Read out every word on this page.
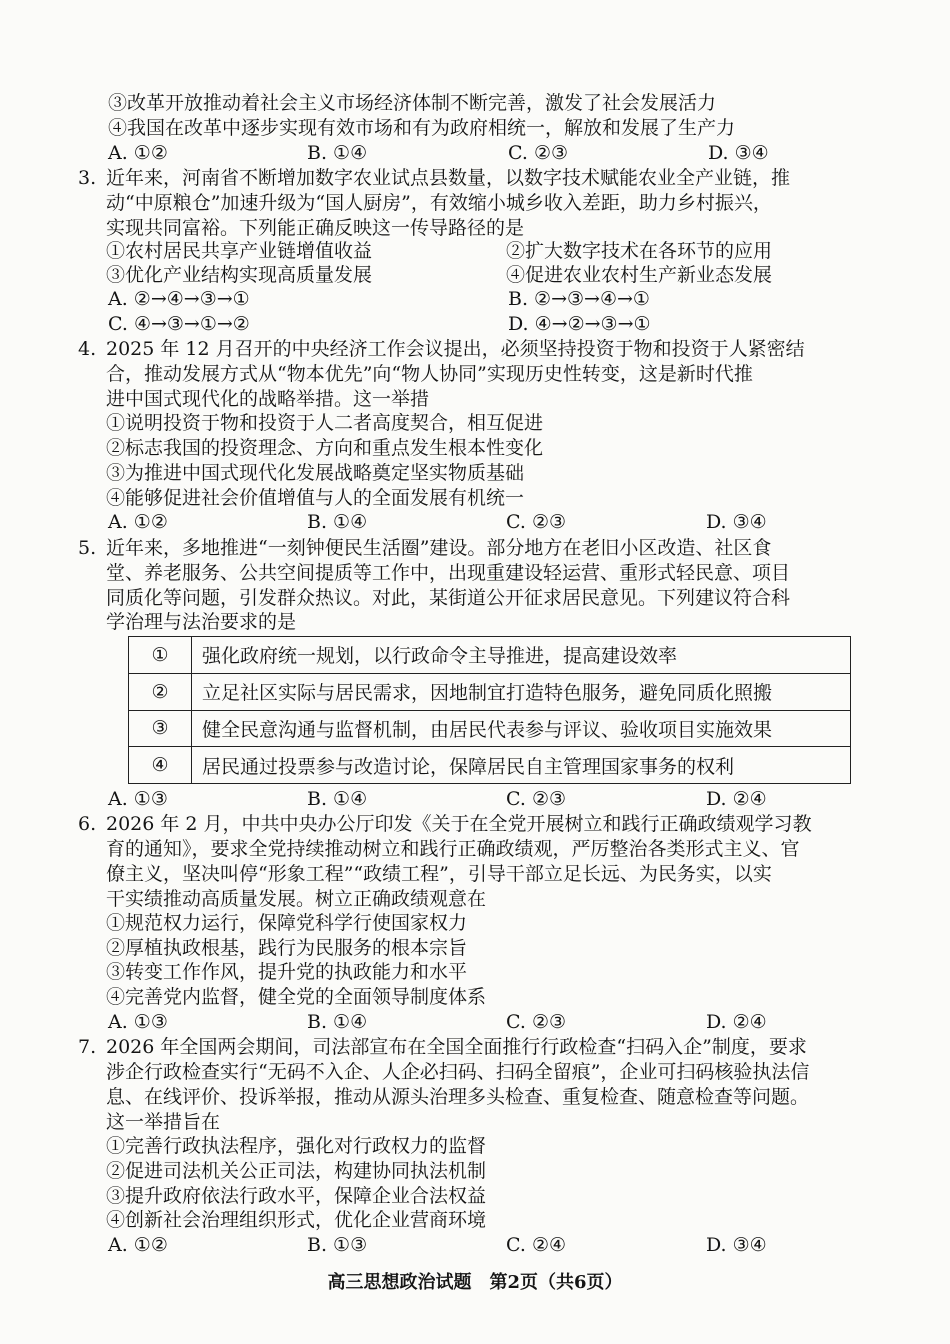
③改革开放推动着社会主义市场经济体制不断完善，激发了社会发展活力
④我国在改革中逐步实现有效市场和有为政府相统一，解放和发展了生产力
A. ①②	B. ①④	C. ②③	D. ③④
3. 近年来，河南省不断增加数字农业试点县数量，以数字技术赋能农业全产业链，推
动“中原粮仓”加速升级为“国人厨房”，有效缩小城乡收入差距，助力乡村振兴，
实现共同富裕。下列能正确反映这一传导路径的是
①农村居民共享产业链增值收益	②扩大数字技术在各环节的应用
③优化产业结构实现高质量发展	④促进农业农村生产新业态发展
A. ②→④→③→①	B. ②→③→④→①
C. ④→③→①→②	D. ④→②→③→①
4. 2025 年 12 月召开的中央经济工作会议提出，必须坚持投资于物和投资于人紧密结
合，推动发展方式从“物本优先”向“物人协同”实现历史性转变，这是新时代推
进中国式现代化的战略举措。这一举措
①说明投资于物和投资于人二者高度契合，相互促进
②标志我国的投资理念、方向和重点发生根本性变化
③为推进中国式现代化发展战略奠定坚实物质基础
④能够促进社会价值增值与人的全面发展有机统一
A. ①②	B. ①④	C. ②③	D. ③④
5. 近年来，多地推进“一刻钟便民生活圈”建设。部分地方在老旧小区改造、社区食
堂、养老服务、公共空间提质等工作中，出现重建设轻运营、重形式轻民意、项目
同质化等问题，引发群众热议。对此，某街道公开征求居民意见。下列建议符合科
学治理与法治要求的是
①	强化政府统一规划，以行政命令主导推进，提高建设效率
②	立足社区实际与居民需求，因地制宜打造特色服务，避免同质化照搬
③	健全民意沟通与监督机制，由居民代表参与评议、验收项目实施效果
④	居民通过投票参与改造讨论，保障居民自主管理国家事务的权利
A. ①③	B. ①④	C. ②③	D. ②④
6. 2026 年 2 月，中共中央办公厅印发《关于在全党开展树立和践行正确政绩观学习教
育的通知》，要求全党持续推动树立和践行正确政绩观，严厉整治各类形式主义、官
僚主义，坚决叫停“形象工程”“政绩工程”，引导干部立足长远、为民务实，以实
干实绩推动高质量发展。树立正确政绩观意在
①规范权力运行，保障党科学行使国家权力
②厚植执政根基，践行为民服务的根本宗旨
③转变工作作风，提升党的执政能力和水平
④完善党内监督，健全党的全面领导制度体系
A. ①③	B. ①④	C. ②③	D. ②④
7. 2026 年全国两会期间，司法部宣布在全国全面推行行政检查“扫码入企”制度，要求
涉企行政检查实行“无码不入企、人企必扫码、扫码全留痕”，企业可扫码核验执法信
息、在线评价、投诉举报，推动从源头治理多头检查、重复检查、随意检查等问题。
这一举措旨在
①完善行政执法程序，强化对行政权力的监督
②促进司法机关公正司法，构建协同执法机制
③提升政府依法行政水平，保障企业合法权益
④创新社会治理组织形式，优化企业营商环境
A. ①②	B. ①③	C. ②④	D. ③④
高三思想政治试题　第2页（共6页）
